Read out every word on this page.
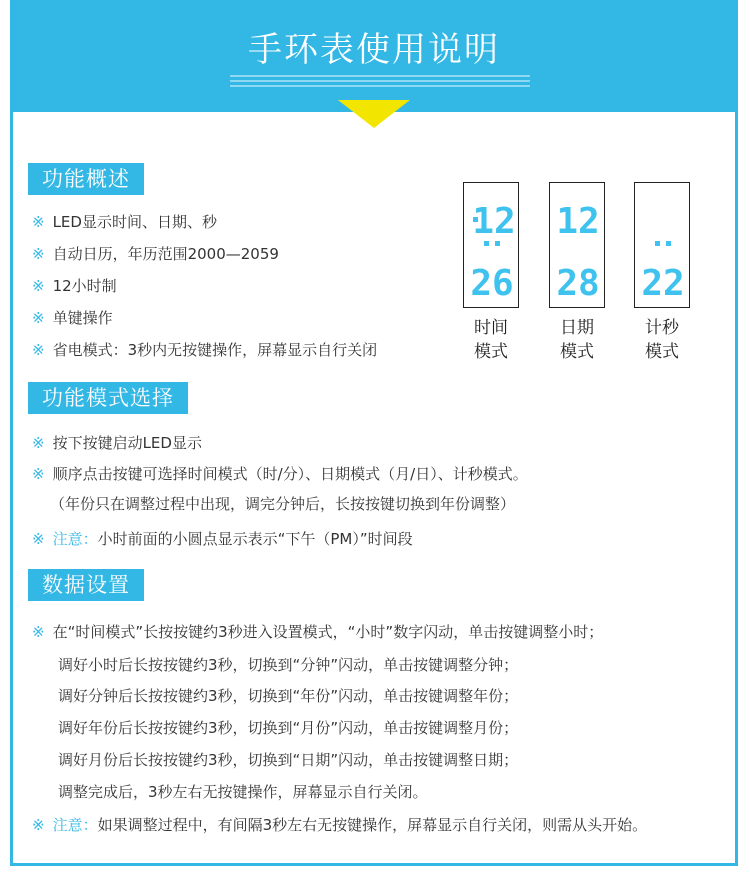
手环表使用说明
功能概述
※ LED显示时间、日期、秒
※ 自动日历，年历范围2000—2059
※ 12小时制
※ 单键操作
※ 省电模式：3秒内无按键操作，屏幕显示自行关闭
12
26
时间
模式
12
28
日期
模式
22
计秒
模式
功能模式选择
※ 按下按键启动LED显示
※ 顺序点击按键可选择时间模式（时/分）、日期模式（月/日）、计秒模式。
（年份只在调整过程中出现，调完分钟后，长按按键切换到年份调整）
※ 注意：小时前面的小圆点显示表示“下午（PM）”时间段
数据设置
※ 在“时间模式”长按按键约3秒进入设置模式，“小时”数字闪动，单击按键调整小时；
调好小时后长按按键约3秒，切换到“分钟”闪动，单击按键调整分钟；
调好分钟后长按按键约3秒，切换到“年份”闪动，单击按键调整年份；
调好年份后长按按键约3秒，切换到“月份”闪动，单击按键调整月份；
调好月份后长按按键约3秒，切换到“日期”闪动，单击按键调整日期；
调整完成后，3秒左右无按键操作，屏幕显示自行关闭。
※ 注意：如果调整过程中，有间隔3秒左右无按键操作，屏幕显示自行关闭，则需从头开始。
